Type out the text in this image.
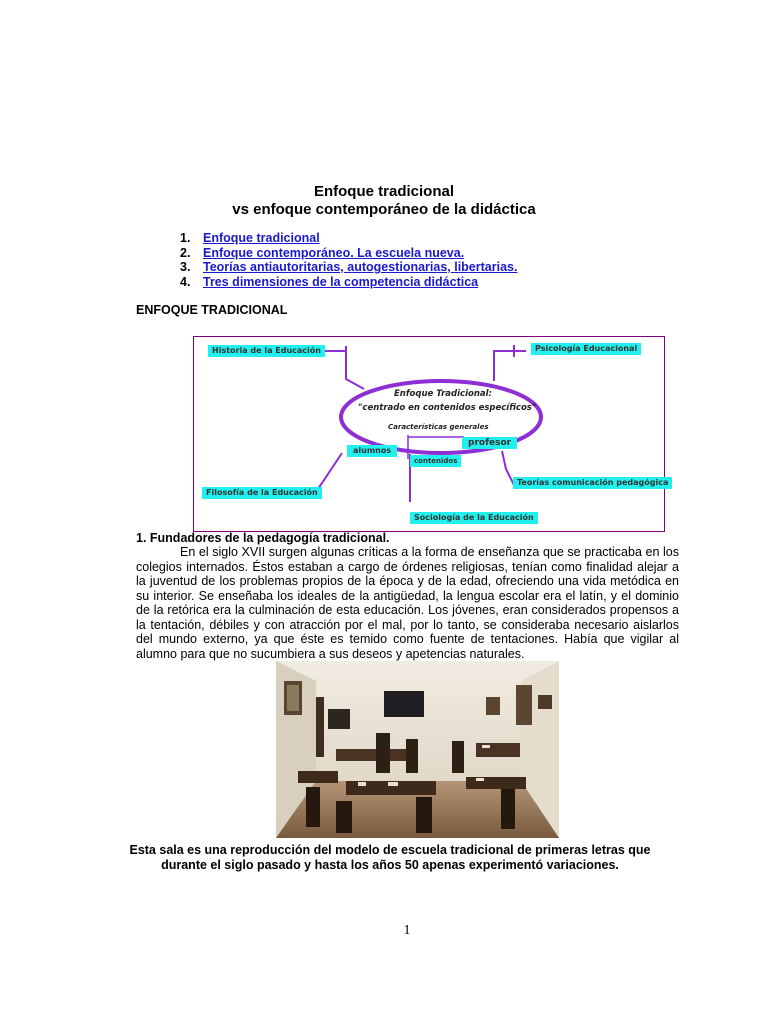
Enfoque tradicional
vs enfoque contemporáneo de la didáctica
1.	Enfoque tradicional
2.	Enfoque contemporáneo. La escuela nueva.
3.	Teorías antiautoritarias, autogestionarias, libertarias.
4.	Tres dimensiones de la competencia didáctica
ENFOQUE TRADICIONAL
Historia de la Educación	Psicología Educacional
Filosofía de la Educación
Sociología de la Educación
Teorías comunicación pedagógica
alumnos
profesor
contenidos
Enfoque Tradicional:
"centrado en contenidos específicos"
Características generales
1. Fundadores de la pedagogía tradicional.

En el siglo XVII surgen algunas críticas a la forma de enseñanza que se practicaba en los colegios internados. Éstos estaban a cargo de órdenes religiosas, tenían como finalidad alejar a la juventud de los problemas propios de la época y de la edad, ofreciendo una vida metódica en su interior. Se enseñaba los ideales de la antigüedad, la lengua escolar era el latín, y el dominio de la retórica era la culminación de esta educación. Los jóvenes, eran considerados propensos a la tentación, débiles y con atracción por el mal, por lo tanto, se consideraba necesario aislarlos del mundo externo, ya que éste es temido como fuente de tentaciones. Había que vigilar al alumno para que no sucumbiera a sus deseos y apetencias naturales.

Esta sala es una reproducción del modelo de escuela tradicional de primeras letras que
durante el siglo pasado y hasta los años 50 apenas experimentó variaciones.
1
